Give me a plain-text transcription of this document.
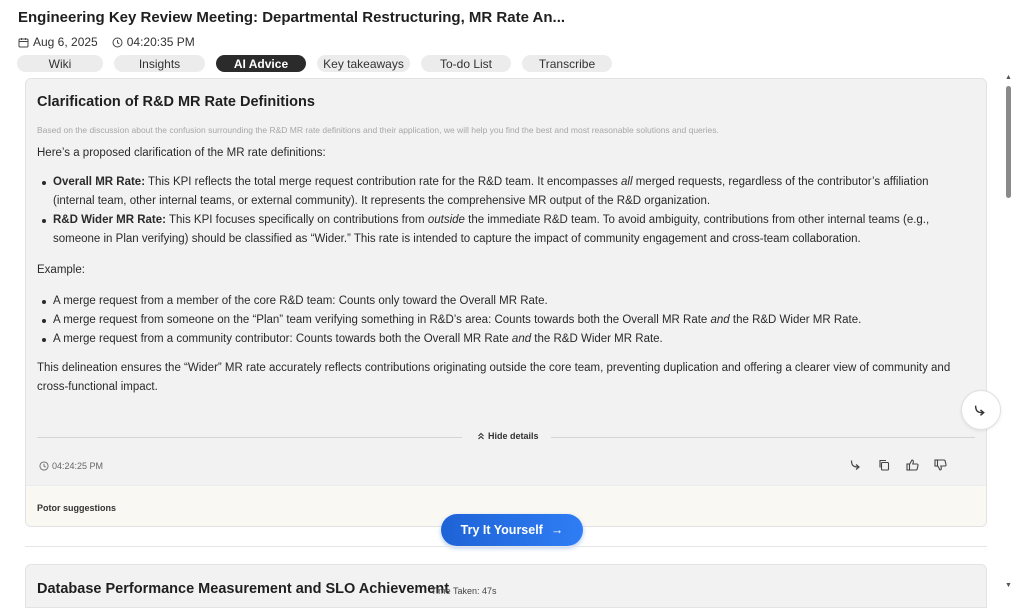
Engineering Key Review Meeting: Departmental Restructuring, MR Rate An...
Aug 6, 2025 04:20:35 PM
Wiki	Insights	AI Advice	Key takeaways	To-do List	Transcribe
Clarification of R&D MR Rate Definitions
Based on the discussion about the confusion surrounding the R&D MR rate definitions and their application, we will help you find the best and most reasonable solutions and queries.

Here’s a proposed clarification of the MR rate definitions:

Overall MR Rate: This KPI reflects the total merge request contribution rate for the R&D team. It encompasses all merged requests, regardless of the contributor’s affiliation (internal team, other internal teams, or external community). It represents the comprehensive MR output of the R&D organization.
R&D Wider MR Rate: This KPI focuses specifically on contributions from outside the immediate R&D team. To avoid ambiguity, contributions from other internal teams (e.g., someone in Plan verifying) should be classified as “Wider.” This rate is intended to capture the impact of community engagement and cross-team collaboration.

Example:

A merge request from a member of the core R&D team: Counts only toward the Overall MR Rate.
A merge request from someone on the “Plan” team verifying something in R&D’s area: Counts towards both the Overall MR Rate and the R&D Wider MR Rate.
A merge request from a community contributor: Counts towards both the Overall MR Rate and the R&D Wider MR Rate.

This delineation ensures the “Wider” MR rate accurately reflects contributions originating outside the core team, preventing duplication and offering a clearer view of community and cross-functional impact.

Hide details
04:24:25 PM
Potor suggestions
Try It Yourself →
Database Performance Measurement and SLO Achievement
Time Taken: 47s
▲
▼
